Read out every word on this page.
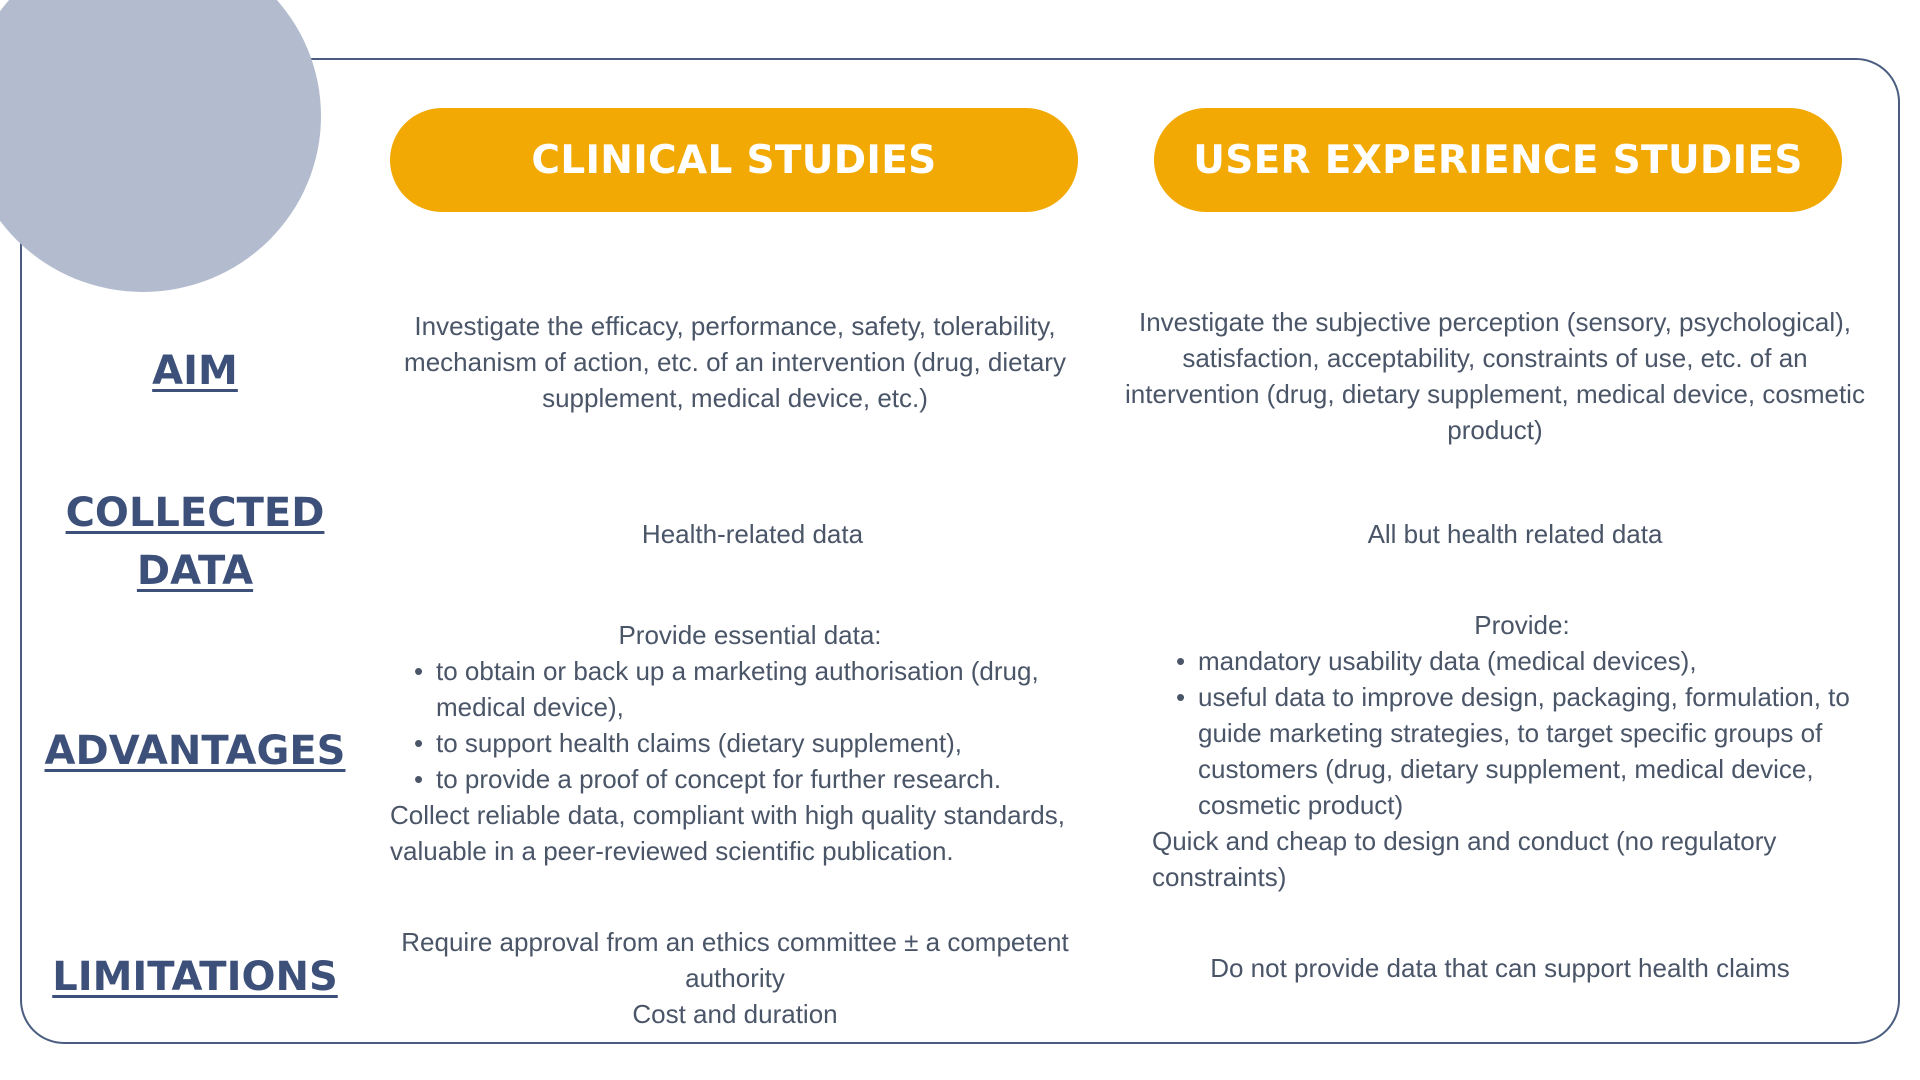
CLINICAL STUDIES	USER EXPERIENCE STUDIES
AIM
COLLECTED
DATA
ADVANTAGES
LIMITATIONS
Investigate the efficacy, performance, safety, tolerability, mechanism of action, etc. of an intervention (drug, dietary supplement, medical device, etc.)
Investigate the subjective perception (sensory, psychological), satisfaction, acceptability, constraints of use, etc. of an intervention (drug, dietary supplement, medical device, cosmetic product)
Health-related data	All but health related data
Provide essential data:
• to obtain or back up a marketing authorisation (drug, medical device),
• to support health claims (dietary supplement),
• to provide a proof of concept for further research.
Collect reliable data, compliant with high quality standards, valuable in a peer-reviewed scientific publication.
Provide:
• mandatory usability data (medical devices),
• useful data to improve design, packaging, formulation, to guide marketing strategies, to target specific groups of customers (drug, dietary supplement, medical device, cosmetic product)
Quick and cheap to design and conduct (no regulatory constraints)
Require approval from an ethics committee ± a competent authority
Cost and duration
Do not provide data that can support health claims
